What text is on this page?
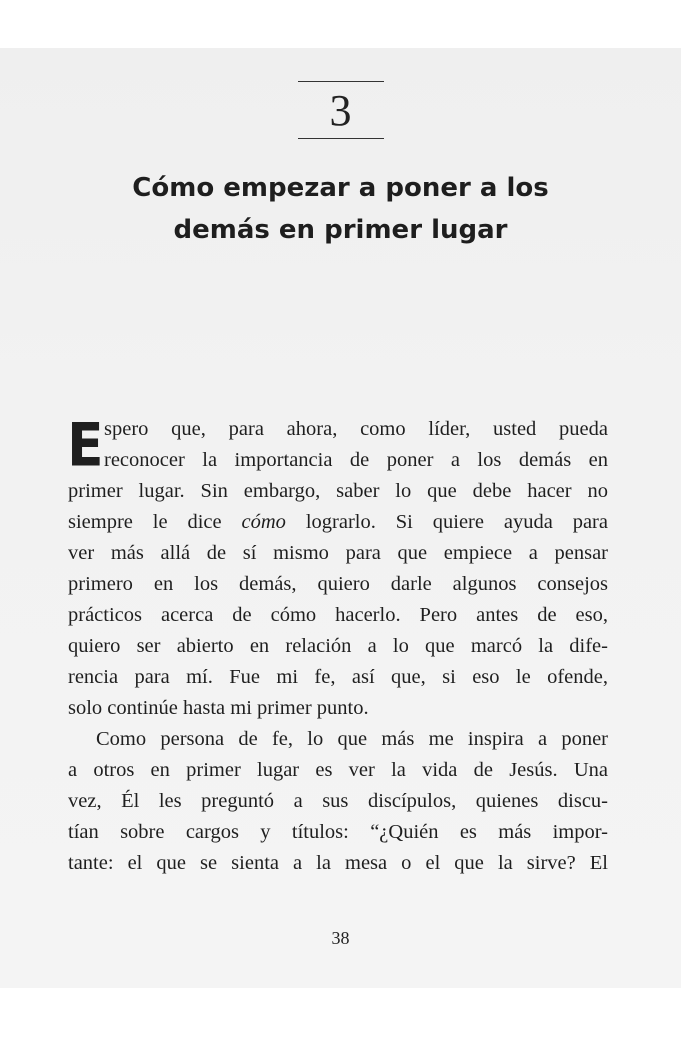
3
Cómo empezar a poner a los
demás en primer lugar
E spero que, para ahora, como líder, usted pueda
reconocer la importancia de poner a los demás en
primer lugar. Sin embargo, saber lo que debe hacer no
siempre le dice cómo lograrlo. Si quiere ayuda para
ver más allá de sí mismo para que empiece a pensar
primero en los demás, quiero darle algunos consejos
prácticos acerca de cómo hacerlo. Pero antes de eso,
quiero ser abierto en relación a lo que marcó la dife-
rencia para mí. Fue mi fe, así que, si eso le ofende,
solo continúe hasta mi primer punto.
Como persona de fe, lo que más me inspira a poner
a otros en primer lugar es ver la vida de Jesús. Una
vez, Él les preguntó a sus discípulos, quienes discu-
tían sobre cargos y títulos: “¿Quién es más impor-
tante: el que se sienta a la mesa o el que la sirve? El
38
